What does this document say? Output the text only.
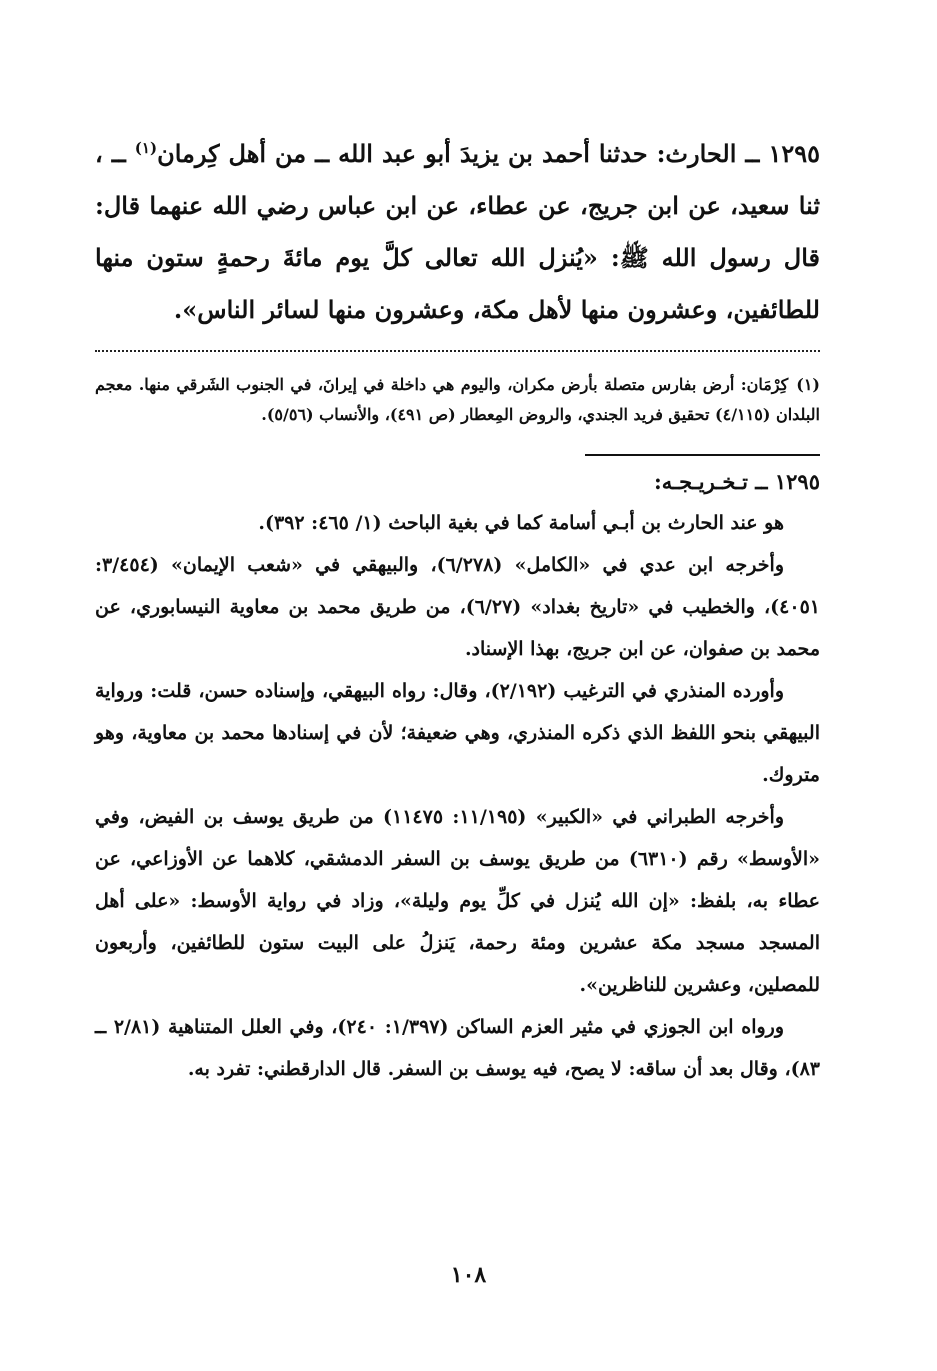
١٢٩٥ ــ الحارث: حدثنا أحمد بن يزيدَ أبو عبد الله ــ من أهل كِرمان$^{(١)}$ ــ ، ثنا سعيد، عن ابن جريج، عن عطاء، عن ابن عباس رضي الله عنهما قال: قال رسول الله ﷺ: «يُنزل الله تعالى كلَّ يوم مائةَ رحمةٍ ستون منها للطائفين، وعشرون منها لأهل مكة، وعشرون منها لسائر الناس».

(١)كِرْمَان: أرض بفارس متصلة بأرض مكران، واليوم هي داخلة في إيرانَ، في الجنوب الشَرقي منها. معجم البلدان (٤/١١٥) تحقيق فريد الجندي، والروض المِعطار (ص ٤٩١)، والأنساب (٥/٥٦).

١٢٩٥ ــ تـخـريـجـه:

هو عند الحارث بن أبـي أسامة كما في بغية الباحث (١/ ٤٦٥: ٣٩٢).

وأخرجه ابن عدي في «الكامل» (٦/٢٧٨)، والبيهقي في «شعب الإيمان» (٣/٤٥٤: ٤٠٥١)، والخطيب في «تاريخ بغداد» (٦/٢٧)، من طريق محمد بن معاوية النيسابوري، عن محمد بن صفوان، عن ابن جريج، بهذا الإسناد.

وأورده المنذري في الترغيب (٢/١٩٢)، وقال: رواه البيهقي، وإسناده حسن، قلت: ورواية البيهقي بنحو اللفظ الذي ذكره المنذري، وهي ضعيفة؛ لأن في إسنادها محمد بن معاوية، وهو متروك.

وأخرجه الطبراني في «الكبير» (١١/١٩٥: ١١٤٧٥) من طريق يوسف بن الفيض، وفي «الأوسط» رقم (٦٣١٠) من طريق يوسف بن السفر الدمشقي، كلاهما عن الأوزاعي، عن عطاء به، بلفظ: «إن الله يُنزل في كلِّ يوم وليلة»، وزاد في رواية الأوسط: «على أهل المسجد مسجد مكة عشرين ومئة رحمة، يَنزلُ على البيت ستون للطائفين، وأربعون للمصلين، وعشرين للناظرين».

ورواه ابن الجوزي في مثير العزم الساكن (١/٣٩٧: ٢٤٠)، وفي العلل المتناهية (٢/٨١ ــ ٨٣)، وقال بعد أن ساقه: لا يصح، فيه يوسف بن السفر. قال الدارقطني: تفرد به.

١٠٨
